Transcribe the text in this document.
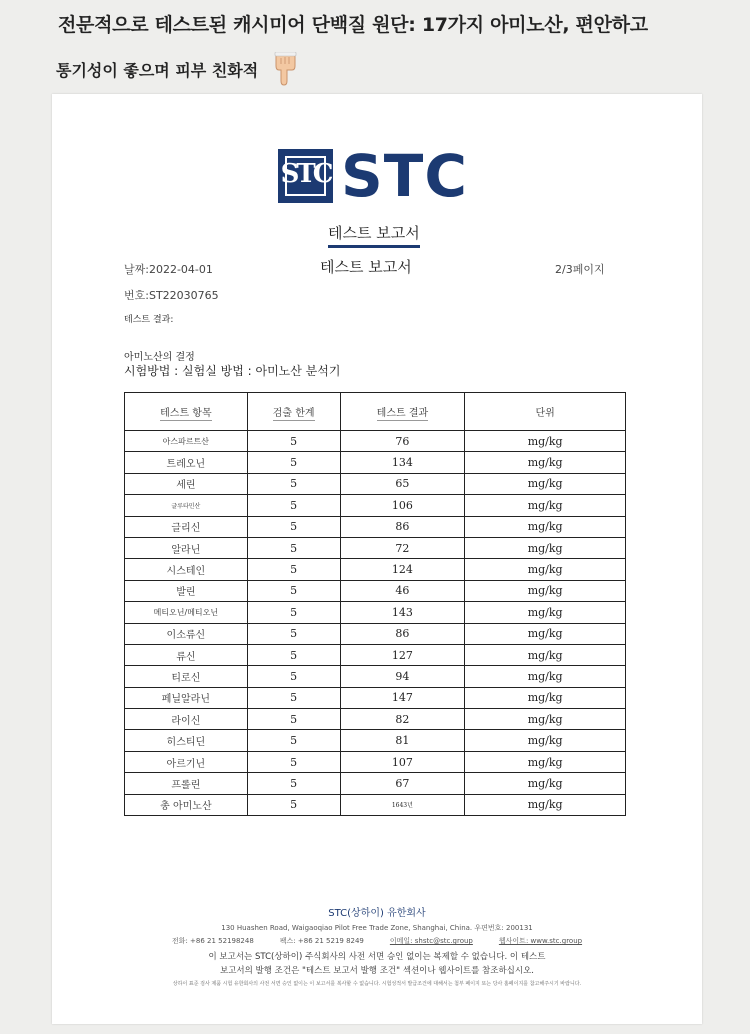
전문적으로 테스트된 캐시미어 단백질 원단: 17가지 아미노산, 편안하고
통기성이 좋으며 피부 친화적
STC STC
테스트 보고서
날짜:2022-04-01	테스트 보고서	2/3페이지
번호:ST22030765
테스트 결과:
아미노산의 결정
시험방법 : 실험실 방법 : 아미노산 분석기
테스트 항목	검출 한계	테스트 결과	단위
아스파르트산	5	76	mg/kg
트레오닌	5	134	mg/kg
세린	5	65	mg/kg
글루타민산	5	106	mg/kg
글리신	5	86	mg/kg
알라닌	5	72	mg/kg
시스테인	5	124	mg/kg
발린	5	46	mg/kg
메티오닌/메티오닌	5	143	mg/kg
이소류신	5	86	mg/kg
류신	5	127	mg/kg
티로신	5	94	mg/kg
페닐알라닌	5	147	mg/kg
라이신	5	82	mg/kg
히스티딘	5	81	mg/kg
아르기닌	5	107	mg/kg
프롤린	5	67	mg/kg
총 아미노산	5	1643년	mg/kg
STC(상하이) 유한회사
130 Huashen Road, Waigaoqiao Pilot Free Trade Zone, Shanghai, China. 우편번호: 200131
전화: +86 21 52198248	팩스: +86 21 5219 8249	이메일: shstc@stc.group	웹사이트: www.stc.group
이 보고서는 STC(상하이) 주식회사의 사전 서면 승인 없이는 복제할 수 없습니다. 이 테스트
보고서의 발행 조건은 "테스트 보고서 발행 조건" 섹션이나 웹사이트를 참조하십시오.
상하이 표준 검사 제품 시험 유한회사의 사전 서면 승인 없이는 이 보고서를 복사할 수 없습니다. 시험성적서 발급조건에 대해서는 첨부 페이지 또는 당사 홈페이지를 참고해주시기 바랍니다.
